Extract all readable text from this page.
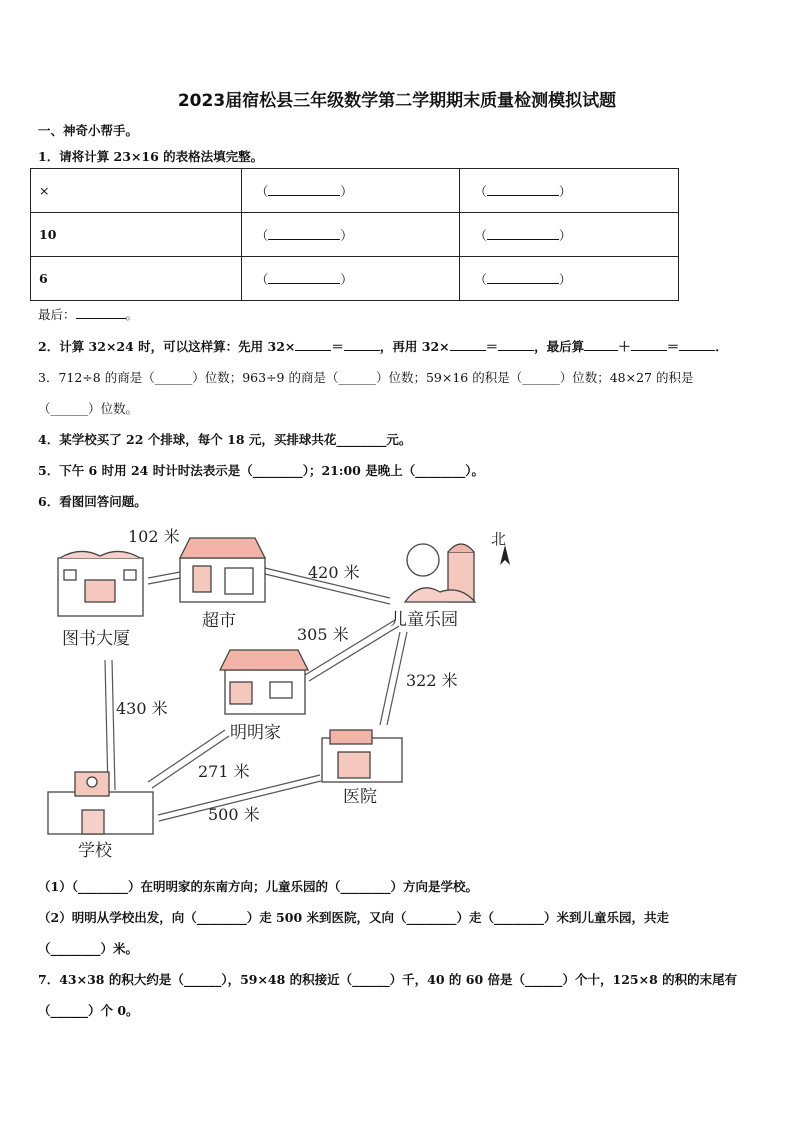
2023届宿松县三年级数学第二学期期末质量检测模拟试题
一、神奇小帮手。
1．请将计算 23×16 的表格法填完整。
×	（ ）	（ ）
10	（ ）	（ ）
6	（ ）	（ ）
最后：	。
2．计算 32×24 时，可以这样算：先用 32×	＝	，再用 32×	＝	，最后算	＋	＝	．
3．712÷8 的商是（______）位数；963÷9 的商是（______）位数；59×16 的积是（______）位数；48×27 的积是
（______）位数。
4．某学校买了 22 个排球，每个 18 元，买排球共花________元。
5．下午 6 时用 24 时计时法表示是（________）；21:00 是晚上（________）。
6．看图回答问题。
北
图书大厦
超市	儿童乐园
明明家
医院
学校
102 米
420 米
305 米
322 米
430 米
271 米
500 米
（1）（________）在明明家的东南方向；儿童乐园的（________）方向是学校。
（2）明明从学校出发，向（________）走 500 米到医院，又向（________）走（________）米到儿童乐园，共走
（________）米。
7．43×38 的积大约是（______），59×48 的积接近（______）千，40 的 60 倍是（______）个十，125×8 的积的末尾有
（______）个 0。
